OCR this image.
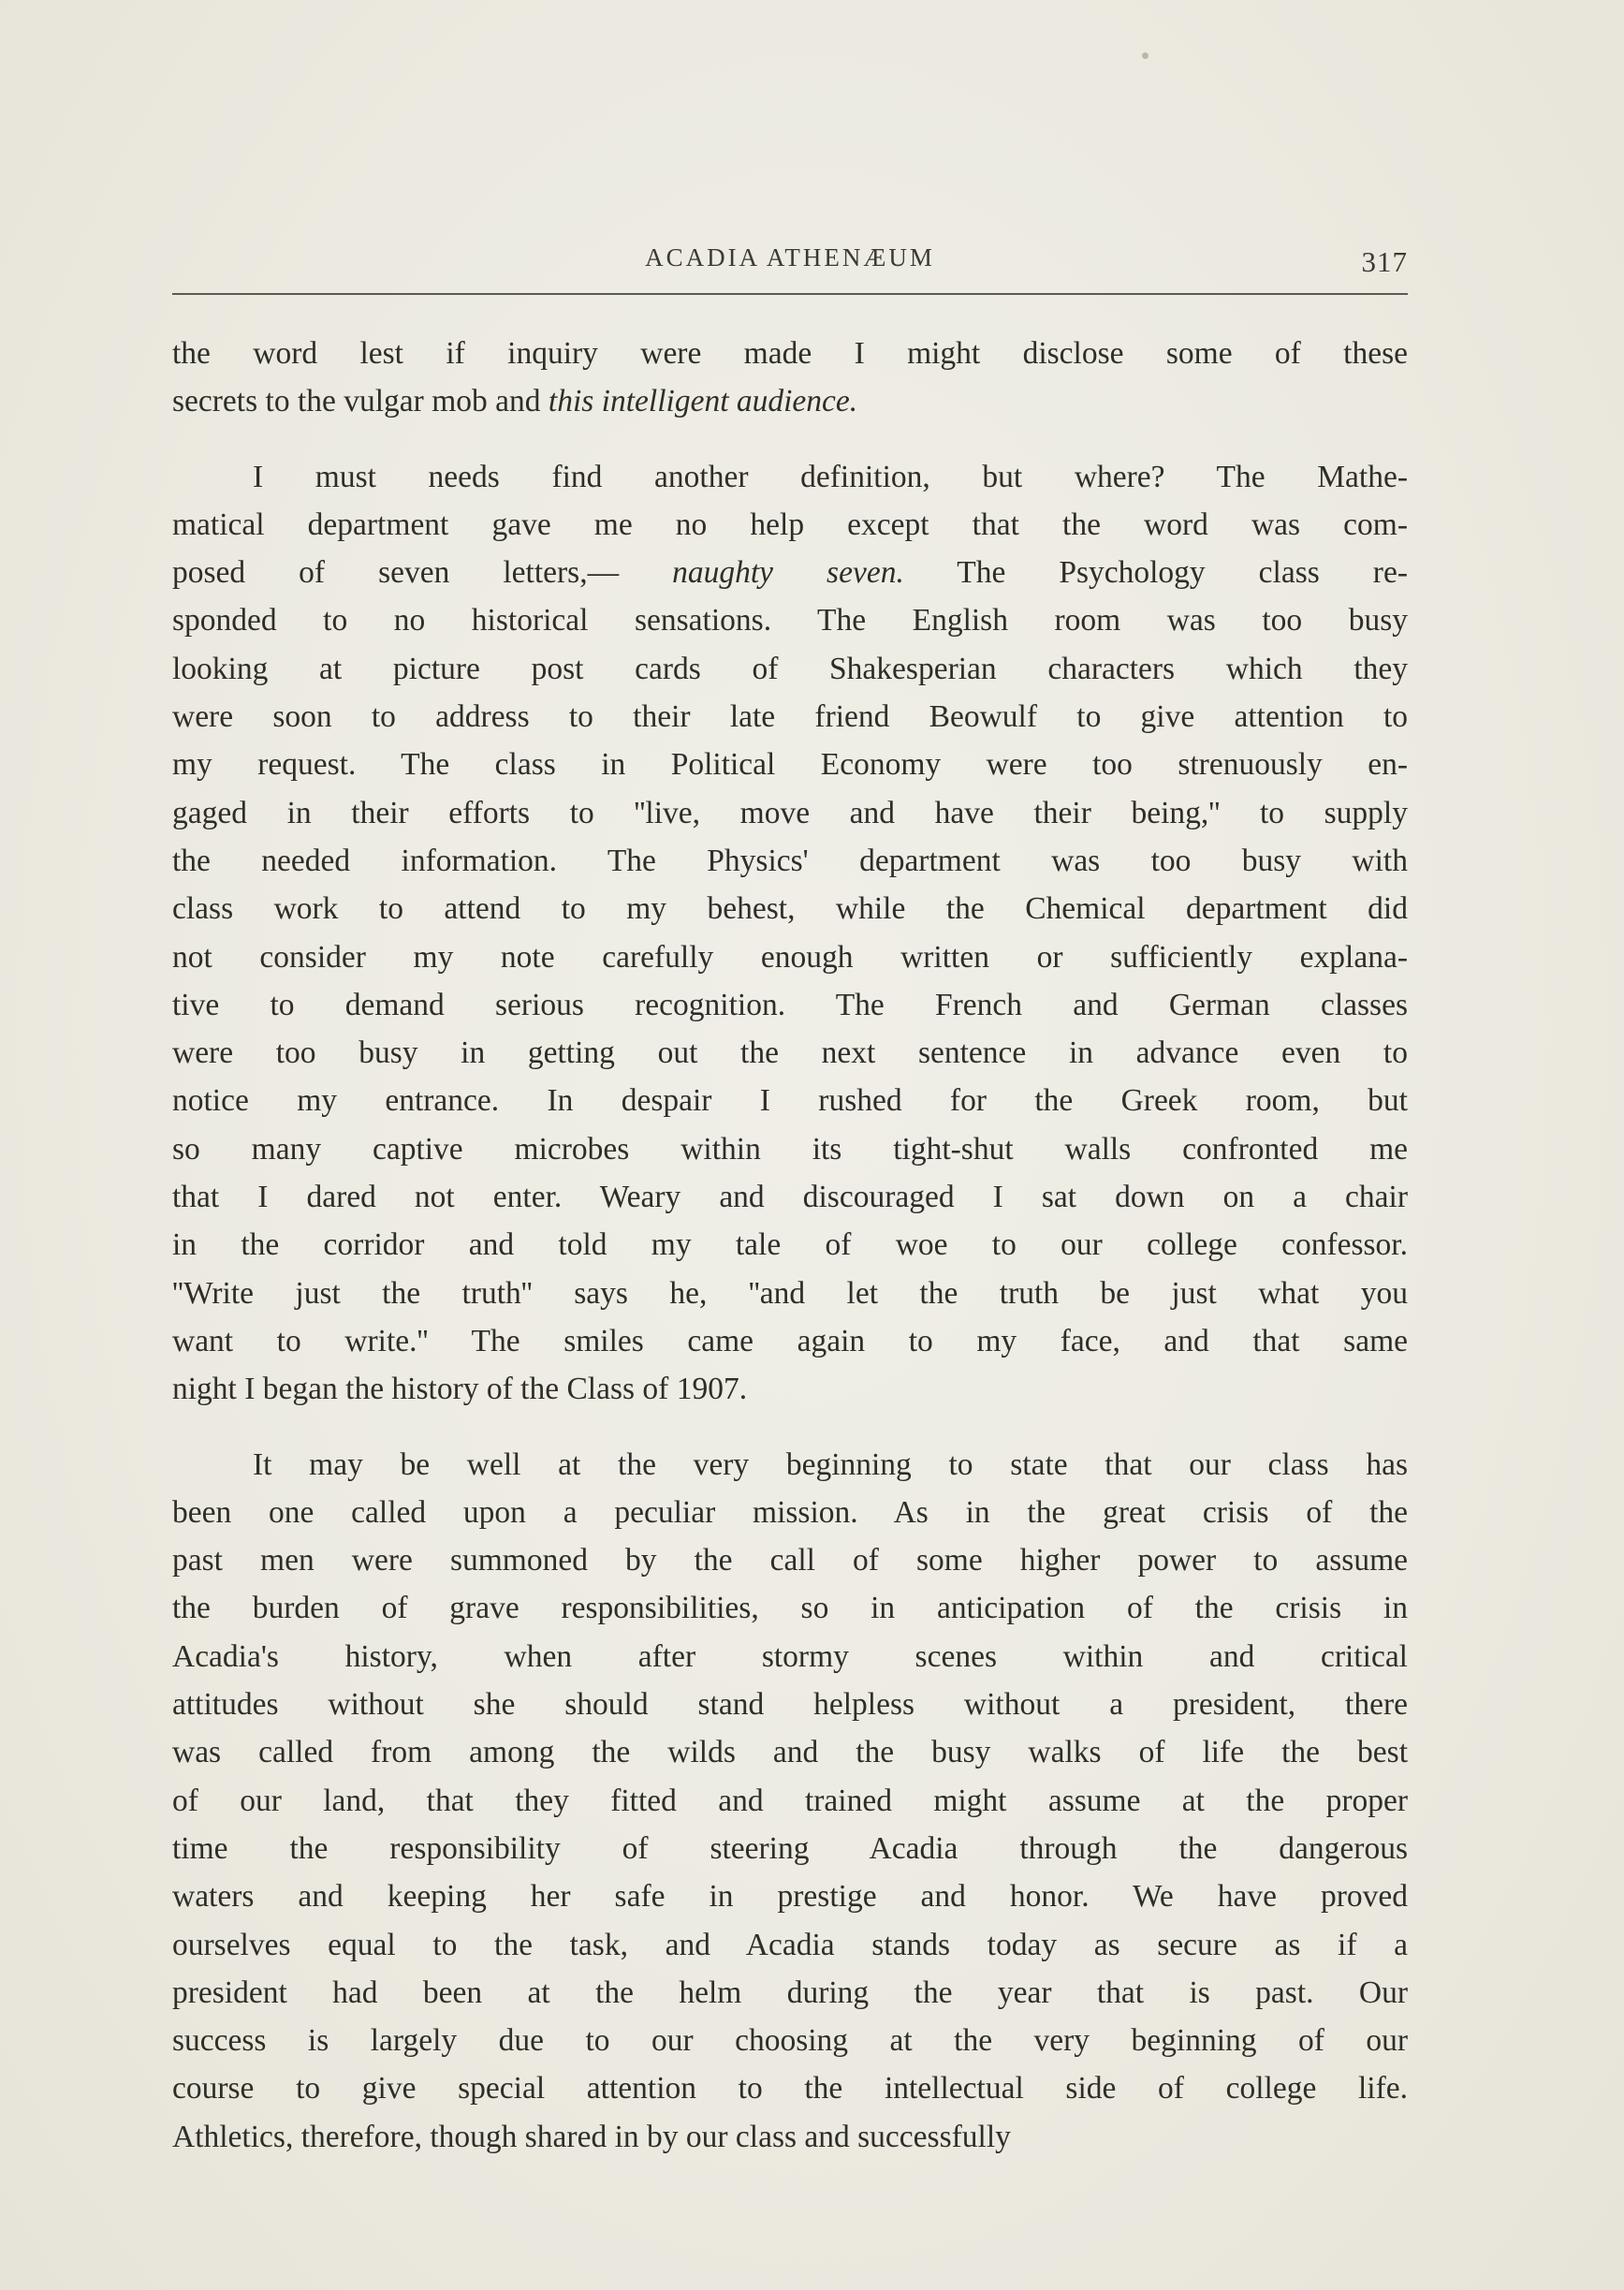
ACADIA ATHENÆUM	317
the word lest if inquiry were made I might disclose some of these
secrets to the vulgar mob and this intelligent audience.
I must needs find another definition, but where? The Mathe-
matical department gave me no help except that the word was com-
posed of seven letters,— naughty seven. The Psychology class re-
sponded to no historical sensations. The English room was too busy
looking at picture post cards of Shakesperian characters which they
were soon to address to their late friend Beowulf to give attention to
my request. The class in Political Economy were too strenuously en-
gaged in their efforts to ''live, move and have their being,'' to supply
the needed information. The Physics' department was too busy with
class work to attend to my behest, while the Chemical department did
not consider my note carefully enough written or sufficiently explana-
tive to demand serious recognition. The French and German classes
were too busy in getting out the next sentence in advance even to
notice my entrance. In despair I rushed for the Greek room, but
so many captive microbes within its tight-shut walls confronted me
that I dared not enter. Weary and discouraged I sat down on a chair
in the corridor and told my tale of woe to our college confessor.
''Write just the truth'' says he, ''and let the truth be just what you
want to write.'' The smiles came again to my face, and that same
night I began the history of the Class of 1907.
It may be well at the very beginning to state that our class has
been one called upon a peculiar mission. As in the great crisis of the
past men were summoned by the call of some higher power to assume
the burden of grave responsibilities, so in anticipation of the crisis in
Acadia's history, when after stormy scenes within and critical
attitudes without she should stand helpless without a president, there
was called from among the wilds and the busy walks of life the best
of our land, that they fitted and trained might assume at the proper
time the responsibility of steering Acadia through the dangerous
waters and keeping her safe in prestige and honor. We have proved
ourselves equal to the task, and Acadia stands today as secure as if a
president had been at the helm during the year that is past. Our
success is largely due to our choosing at the very beginning of our
course to give special attention to the intellectual side of college life.
Athletics, therefore, though shared in by our class and successfully
